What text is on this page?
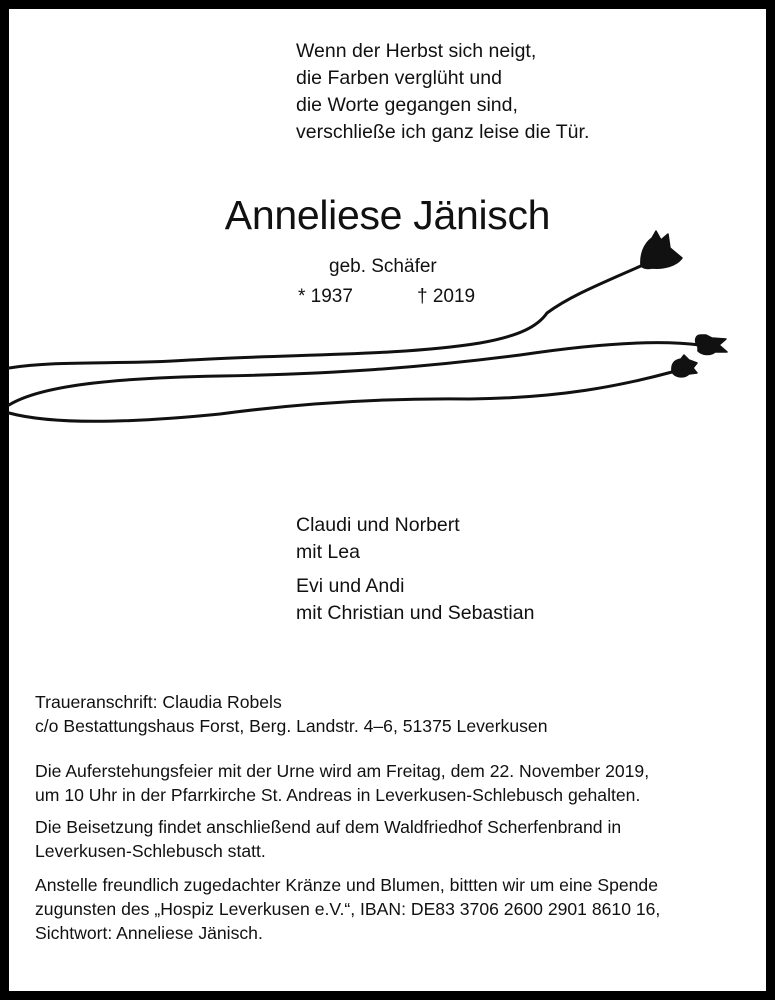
Wenn der Herbst sich neigt,
die Farben verglüht und
die Worte gegangen sind,
verschließe ich ganz leise die Tür.
Anneliese Jänisch
geb. Schäfer
* 1937	† 2019
Claudi und Norbert
mit Lea
Evi und Andi
mit Christian und Sebastian
Traueranschrift: Claudia Robels
c/o Bestattungshaus Forst, Berg. Landstr. 4–6, 51375 Leverkusen
Die Auferstehungsfeier mit der Urne wird am Freitag, dem 22. November 2019,
um 10 Uhr in der Pfarrkirche St. Andreas in Leverkusen-Schlebusch gehalten.
Die Beisetzung findet anschließend auf dem Waldfriedhof Scherfenbrand in
Leverkusen-Schlebusch statt.
Anstelle freundlich zugedachter Kränze und Blumen, bittten wir um eine Spende
zugunsten des „Hospiz Leverkusen e.V.“, IBAN: DE83 3706 2600 2901 8610 16,
Sichtwort: Anneliese Jänisch.
